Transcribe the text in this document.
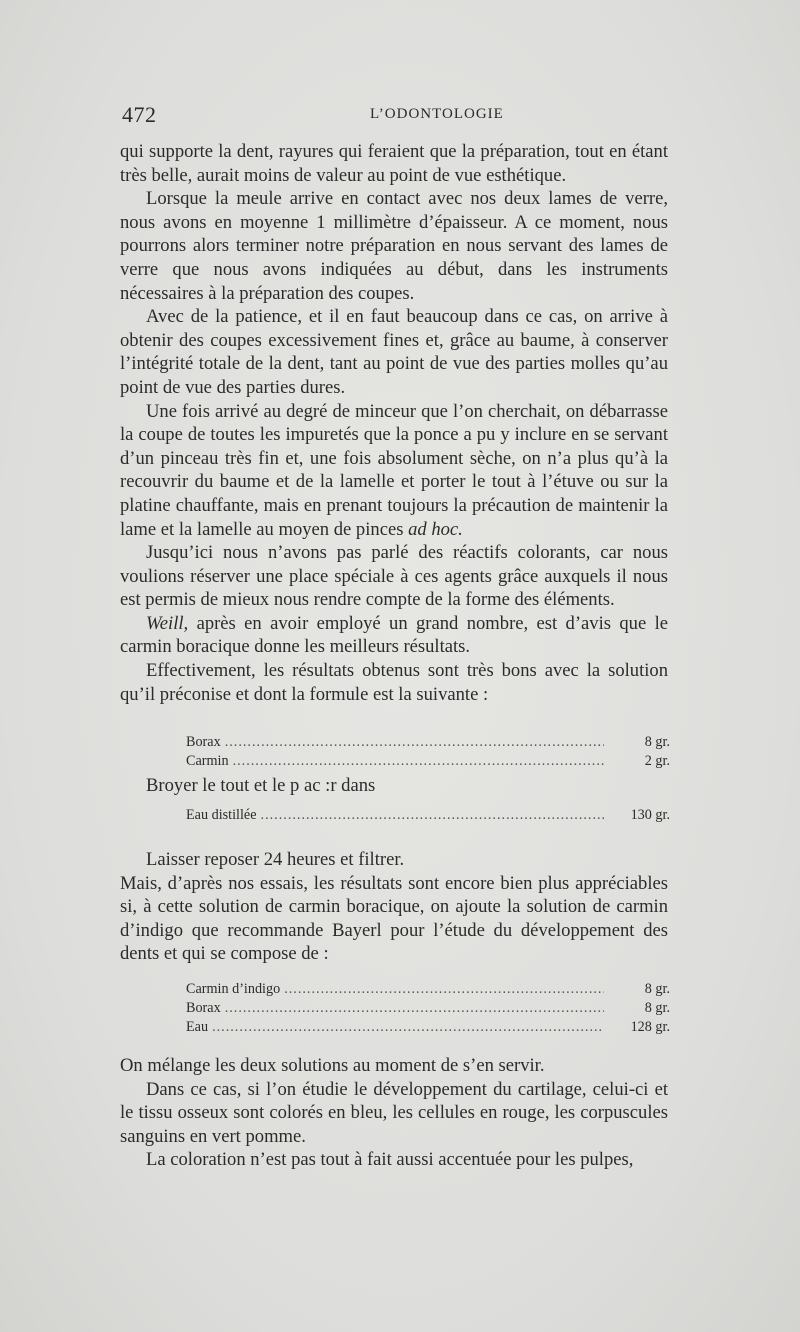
472	L’ODONTOLOGIE

qui supporte la dent, rayures qui feraient que la préparation, tout en étant très belle, aurait moins de valeur au point de vue esthétique.

Lorsque la meule arrive en contact avec nos deux lames de verre, nous avons en moyenne 1 millimètre d’épaisseur. A ce moment, nous pourrons alors terminer notre préparation en nous servant des lames de verre que nous avons indiquées au début, dans les instruments nécessaires à la préparation des coupes.

Avec de la patience, et il en faut beaucoup dans ce cas, on arrive à obtenir des coupes excessivement fines et, grâce au baume, à conserver l’intégrité totale de la dent, tant au point de vue des parties molles qu’au point de vue des parties dures.

Une fois arrivé au degré de minceur que l’on cherchait, on débarrasse la coupe de toutes les impuretés que la ponce a pu y inclure en se servant d’un pinceau très fin et, une fois absolument sèche, on n’a plus qu’à la recouvrir du baume et de la lamelle et porter le tout à l’étuve ou sur la platine chauffante, mais en prenant toujours la précaution de maintenir la lame et la lamelle au moyen de pinces ad hoc.

Jusqu’ici nous n’avons pas parlé des réactifs colorants, car nous voulions réserver une place spéciale à ces agents grâce auxquels il nous est permis de mieux nous rendre compte de la forme des éléments.

Weill, après en avoir employé un grand nombre, est d’avis que le carmin boracique donne les meilleurs résultats.

Effectivement, les résultats obtenus sont très bons avec la solution qu’il préconise et dont la formule est la suivante :

Borax .....	8 gr.
Carmin .....	2 gr.
Broyer le tout et le p ac :r dans
Eau distillée .....	130 gr.

Laisser reposer 24 heures et filtrer.

Mais, d’après nos essais, les résultats sont encore bien plus appréciables si, à cette solution de carmin boracique, on ajoute la solution de carmin d’indigo que recommande Bayerl pour l’étude du développement des dents et qui se compose de :

Carmin d’indigo .....	8 gr.
Borax .....	8 gr.
Eau .....	128 gr.

On mélange les deux solutions au moment de s’en servir.

Dans ce cas, si l’on étudie le développement du cartilage, celui-ci et le tissu osseux sont colorés en bleu, les cellules en rouge, les corpuscules sanguins en vert pomme.

La coloration n’est pas tout à fait aussi accentuée pour les pulpes,
